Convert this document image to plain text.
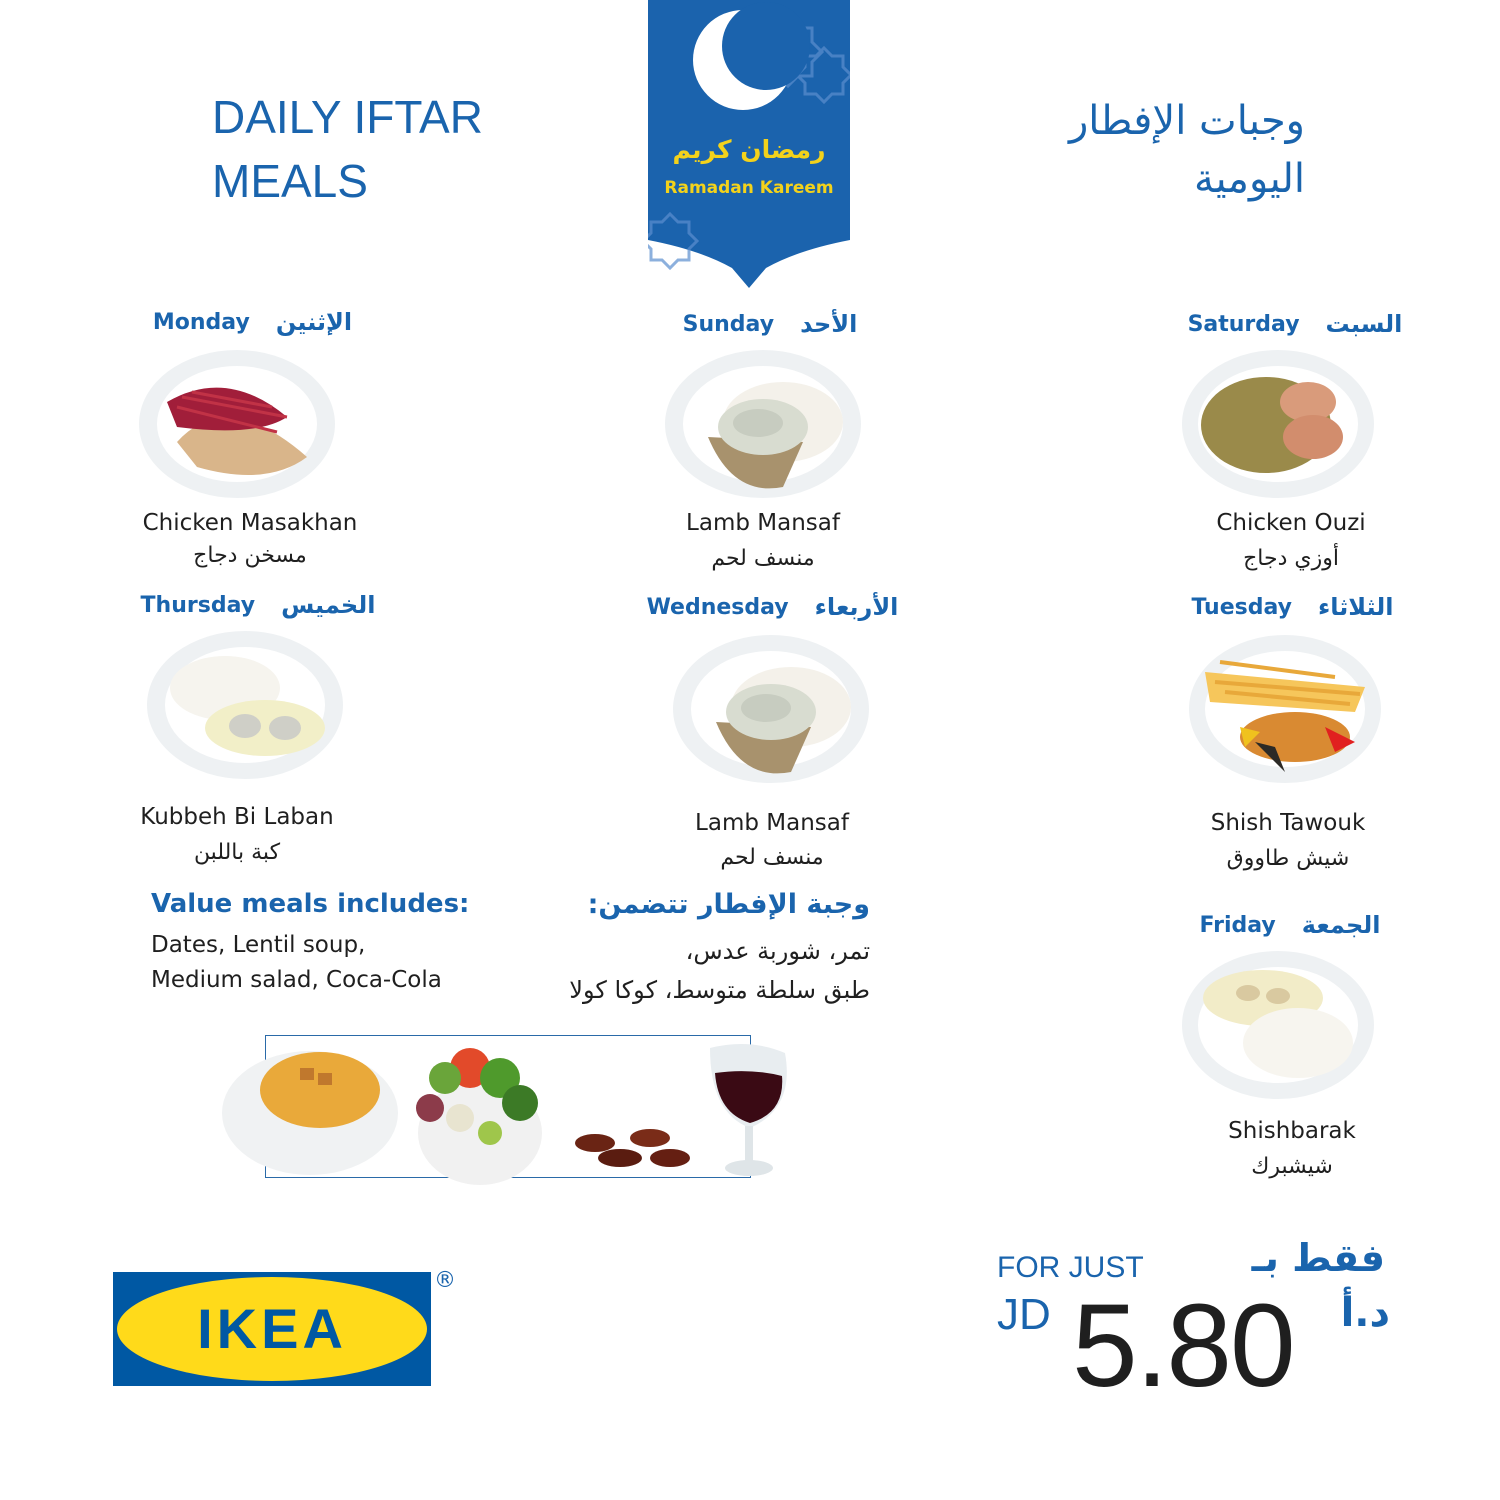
DAILY IFTAR
MEALS
وجبات الإفطار
اليومية
رمضان كريم
Ramadan Kareem
Monday الإثنين
Chicken Masakhan
مسخن دجاج
Sunday الأحد
Lamb Mansaf
منسف لحم
Saturday السبت
Chicken Ouzi
أوزي دجاج
Thursday الخميس
Kubbeh Bi Laban
كبة باللبن
Wednesday الأربعاء
Lamb Mansaf
منسف لحم
Tuesday الثلاثاء
Shish Tawouk
شيش طاووق
Friday الجمعة
Shishbarak
شيشبرك
Value meals includes:
Dates, Lentil soup,
Medium salad, Coca-Cola
وجبة الإفطار تتضمن:
تمر، شوربة عدس،
طبق سلطة متوسط، كوكا كولا
IKEA
®	FOR JUST	فقط بـ
JD 5.80	د.أ
